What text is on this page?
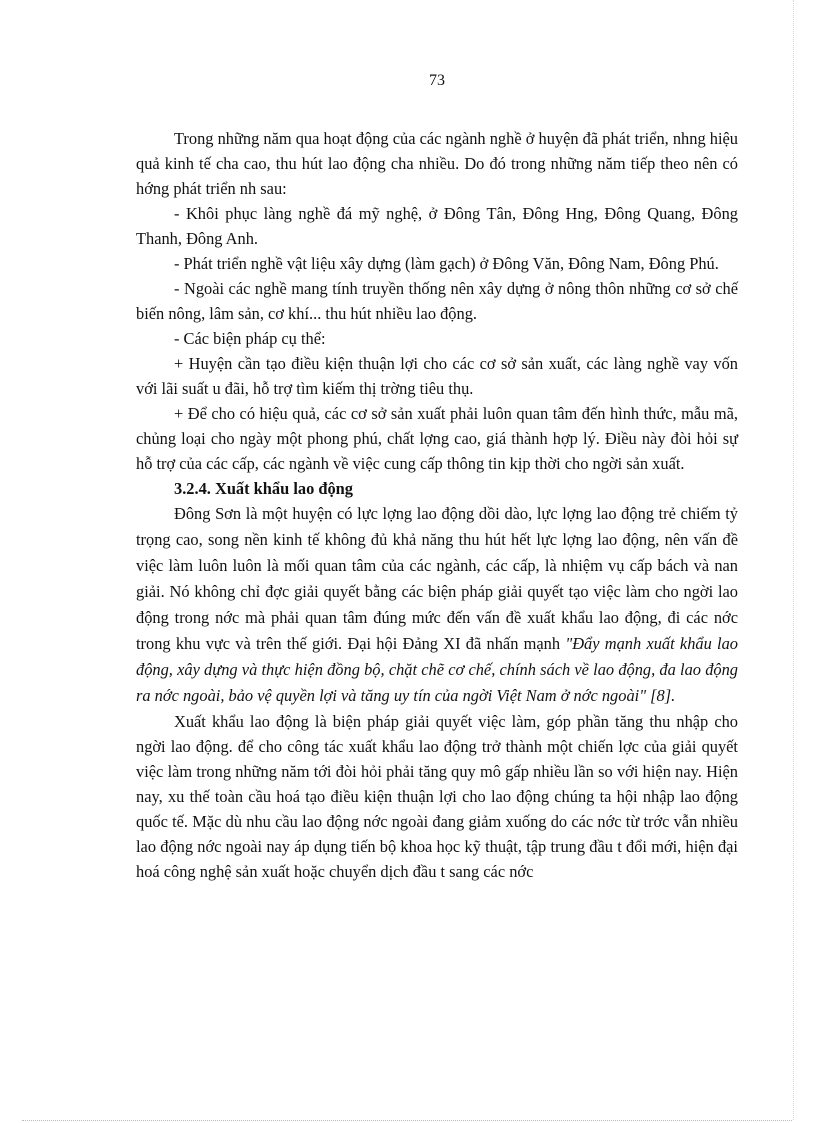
73

Trong những năm qua hoạt động của các ngành nghề ở huyện đã phát triển, nhng hiệu quả kinh tế cha cao, thu hút lao động cha nhiều. Do đó trong những năm tiếp theo nên có hớng phát triển nh sau:

- Khôi phục làng nghề đá mỹ nghệ, ở Đông Tân, Đông Hng, Đông Quang, Đông Thanh, Đông Anh.

- Phát triển nghề vật liệu xây dựng (làm gạch) ở Đông Văn, Đông Nam, Đông Phú.

- Ngoài các nghề mang tính truyền thống nên xây dựng ở nông thôn những cơ sở chế biến nông, lâm sản, cơ khí... thu hút nhiều lao động.

- Các biện pháp cụ thể:

+ Huyện cần tạo điều kiện thuận lợi cho các cơ sở sản xuất, các làng nghề vay vốn với lãi suất u đãi, hỗ trợ tìm kiếm thị trờng tiêu thụ.

+ Để cho có hiệu quả, các cơ sở sản xuất phải luôn quan tâm đến hình thức, mẫu mã, chủng loại cho ngày một phong phú, chất lợng cao, giá thành hợp lý. Điều này đòi hỏi sự hỗ trợ của các cấp, các ngành về việc cung cấp thông tin kịp thời cho ngời sản xuất.

3.2.4. Xuất khẩu lao động

Đông Sơn là một huyện có lực lợng lao động dồi dào, lực lợng lao động trẻ chiếm tỷ trọng cao, song nền kinh tế không đủ khả năng thu hút hết lực lợng lao động, nên vấn đề việc làm luôn luôn là mối quan tâm của các ngành, các cấp, là nhiệm vụ cấp bách và nan giải. Nó không chỉ đợc giải quyết bằng các biện pháp giải quyết tạo việc làm cho ngời lao động trong nớc mà phải quan tâm đúng mức đến vấn đề xuất khẩu lao động, đi các nớc trong khu vực và trên thế giới. Đại hội Đảng XI đã nhấn mạnh "Đẩy mạnh xuất khẩu lao động, xây dựng và thực hiện đồng bộ, chặt chẽ cơ chế, chính sách về lao động, đa lao động ra nớc ngoài, bảo vệ quyền lợi và tăng uy tín của ngời Việt Nam ở nớc ngoài" [8].

Xuất khẩu lao động là biện pháp giải quyết việc làm, góp phần tăng thu nhập cho ngời lao động. để cho công tác xuất khẩu lao động trở thành một chiến lợc của giải quyết việc làm trong những năm tới đòi hỏi phải tăng quy mô gấp nhiều lần so với hiện nay. Hiện nay, xu thế toàn cầu hoá tạo điều kiện thuận lợi cho lao động chúng ta hội nhập lao động quốc tế. Mặc dù nhu cầu lao động nớc ngoài đang giảm xuống do các nớc từ trớc vẫn nhiều lao động nớc ngoài nay áp dụng tiến bộ khoa học kỹ thuật, tập trung đầu t đổi mới, hiện đại hoá công nghệ sản xuất hoặc chuyển dịch đầu t sang các nớc
